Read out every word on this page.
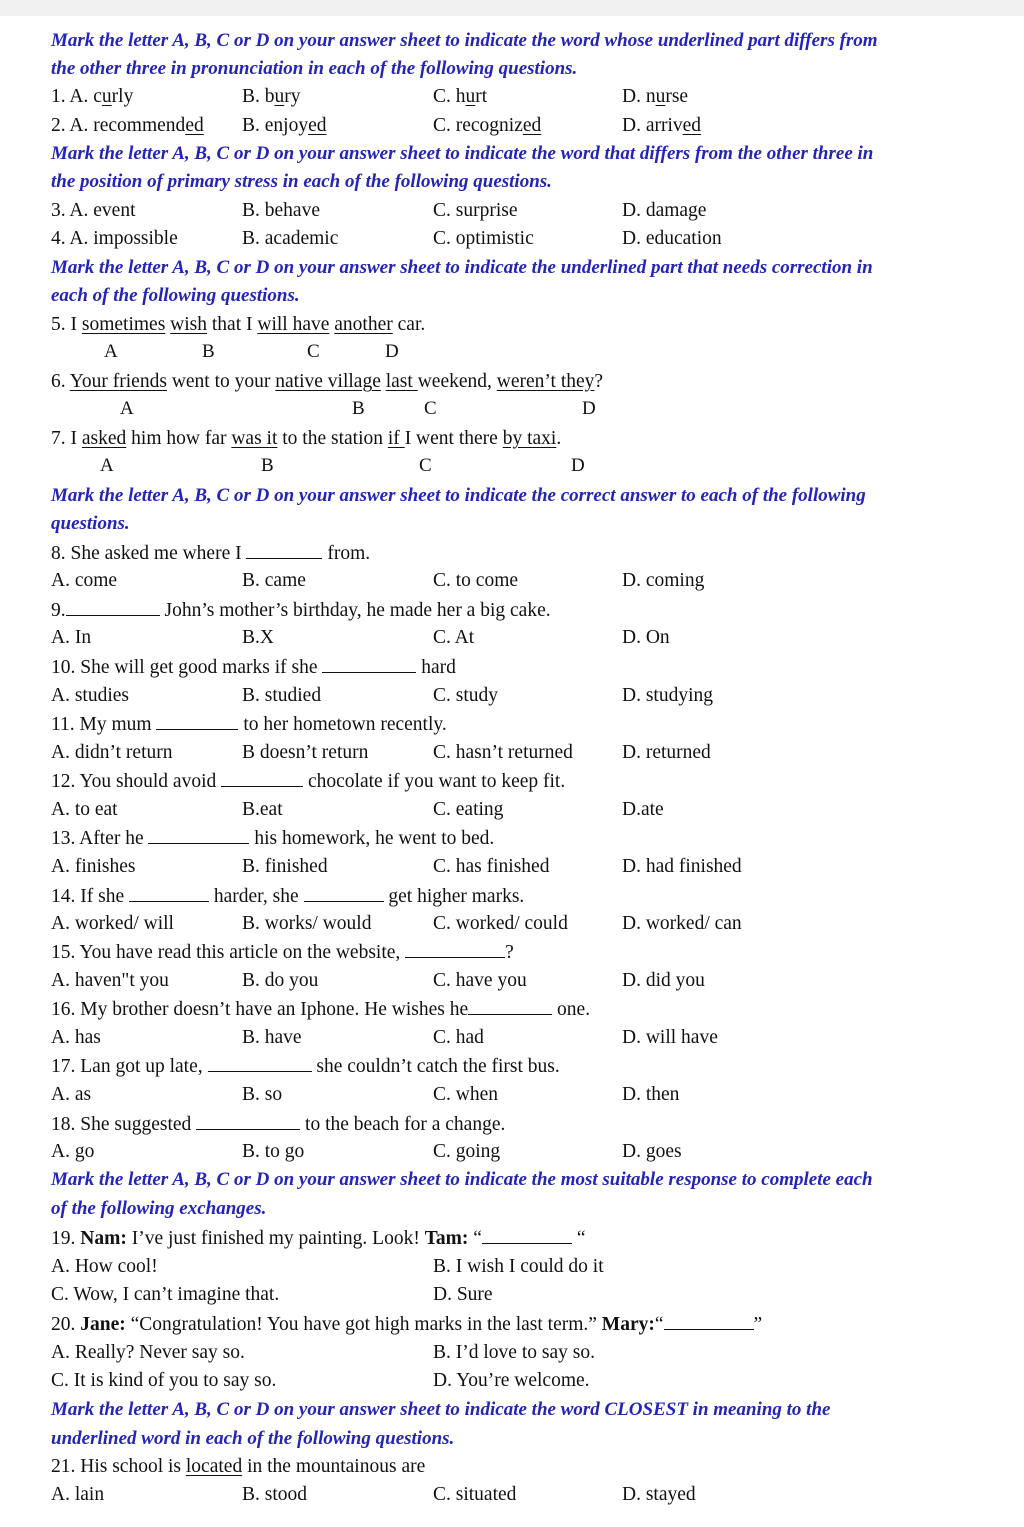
Mark the letter A, B, C or D on your answer sheet to indicate the word whose underlined part differs from
the other three in pronunciation in each of the following questions.
1. A. curly	B. bury	C. hurt	D. nurse
2. A. recommended B. enjoyed	C. recognized	D. arrived
Mark the letter A, B, C or D on your answer sheet to indicate the word that differs from the other three in
the position of primary stress in each of the following questions.
3. A. event	B. behave	C. surprise	D. damage
4. A. impossible	B. academic	C. optimistic	D. education
Mark the letter A, B, C or D on your answer sheet to indicate the underlined part that needs correction in
each of the following questions.
5. I sometimes wish that I will have another car.
A	B	C	D
6. Your friends went to your native village last weekend, weren’t they?
A	B	C	D
7. I asked him how far was it to the station if I went there by taxi.
A	B	C	D
Mark the letter A, B, C or D on your answer sheet to indicate the correct answer to each of the following
questions.
8. She asked me where I	from.
A. come	B. came	C. to come	D. coming
9.	John’s mother’s birthday, he made her a big cake.
A. In	B.X	C. At	D. On
10. She will get good marks if she	hard
A. studies	B. studied	C. study	D. studying
11. My mum	to her hometown recently.
A. didn’t return	B doesn’t return	C. hasn’t returned	D. returned
12. You should avoid	chocolate if you want to keep fit.
A. to eat	B.eat	C. eating	D.ate
13. After he	his homework, he went to bed.
A. finishes	B. finished	C. has finished	D. had finished
14. If she	harder, she	get higher marks.
A. worked/ will	B. works/ would	C. worked/ could	D. worked/ can
15. You have read this article on the website,	?
A. haven"t you	B. do you	C. have you	D. did you
16. My brother doesn’t have an Iphone. He wishes he	one.
A. has	B. have	C. had	D. will have
17. Lan got up late,	she couldn’t catch the first bus.
A. as	B. so	C. when	D. then
18. She suggested	to the beach for a change.
A. go	B. to go	C. going	D. goes
Mark the letter A, B, C or D on your answer sheet to indicate the most suitable response to complete each
of the following exchanges.
19. Nam: I’ve just finished my painting. Look! Tam: “	“
A. How cool!	B. I wish I could do it
C. Wow, I can’t imagine that.	D. Sure
20. Jane: “Congratulation! You have got high marks in the last term.” Mary:“	”
A. Really? Never say so.	B. I’d love to say so.
C. It is kind of you to say so.	D. You’re welcome.
Mark the letter A, B, C or D on your answer sheet to indicate the word CLOSEST in meaning to the
underlined word in each of the following questions.
21. His school is located in the mountainous are
A. lain	B. stood	C. situated	D. stayed
